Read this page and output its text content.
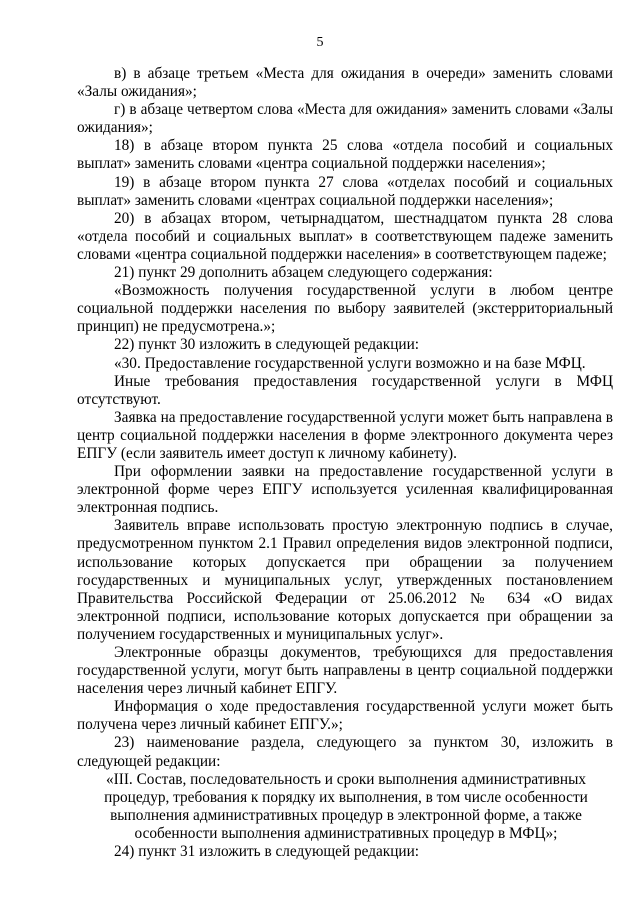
5

в) в абзаце третьем «Места для ожидания в очереди» заменить словами «Залы ожидания»;

г) в абзаце четвертом слова «Места для ожидания» заменить словами «Залы ожидания»;

18) в абзаце втором пункта 25 слова «отдела пособий и социальных выплат» заменить словами «центра социальной поддержки населения»;

19) в абзаце втором пункта 27 слова «отделах пособий и социальных выплат» заменить словами «центрах социальной поддержки населения»;

20) в абзацах втором, четырнадцатом, шестнадцатом пункта 28 слова «отдела пособий и социальных выплат» в соответствующем падеже заменить словами «центра социальной поддержки населения» в соответствующем падеже;

21) пункт 29 дополнить абзацем следующего содержания:

«Возможность получения государственной услуги в любом центре социальной поддержки населения по выбору заявителей (экстерриториальный принцип) не предусмотрена.»;

22) пункт 30 изложить в следующей редакции:

«30. Предоставление государственной услуги возможно и на базе МФЦ.

Иные требования предоставления государственной услуги в МФЦ отсутствуют.

Заявка на предоставление государственной услуги может быть направлена в центр социальной поддержки населения в форме электронного документа через ЕПГУ (если заявитель имеет доступ к личному кабинету).

При оформлении заявки на предоставление государственной услуги в электронной форме через ЕПГУ используется усиленная квалифицированная электронная подпись.

Заявитель вправе использовать простую электронную подпись в случае, предусмотренном пунктом 2.1 Правил определения видов электронной подписи, использование которых допускается при обращении за получением государственных и муниципальных услуг, утвержденных постановлением Правительства Российской Федерации от 25.06.2012 № 634 «О видах электронной подписи, использование которых допускается при обращении за получением государственных и муниципальных услуг».

Электронные образцы документов, требующихся для предоставления государственной услуги, могут быть направлены в центр социальной поддержки населения через личный кабинет ЕПГУ.

Информация о ходе предоставления государственной услуги может быть получена через личный кабинет ЕПГУ.»;

23) наименование раздела, следующего за пунктом 30, изложить в следующей редакции:

«III. Состав, последовательность и сроки выполнения административных процедур, требования к порядку их выполнения, в том числе особенности выполнения административных процедур в электронной форме, а также особенности выполнения административных процедур в МФЦ»;

24) пункт 31 изложить в следующей редакции:
